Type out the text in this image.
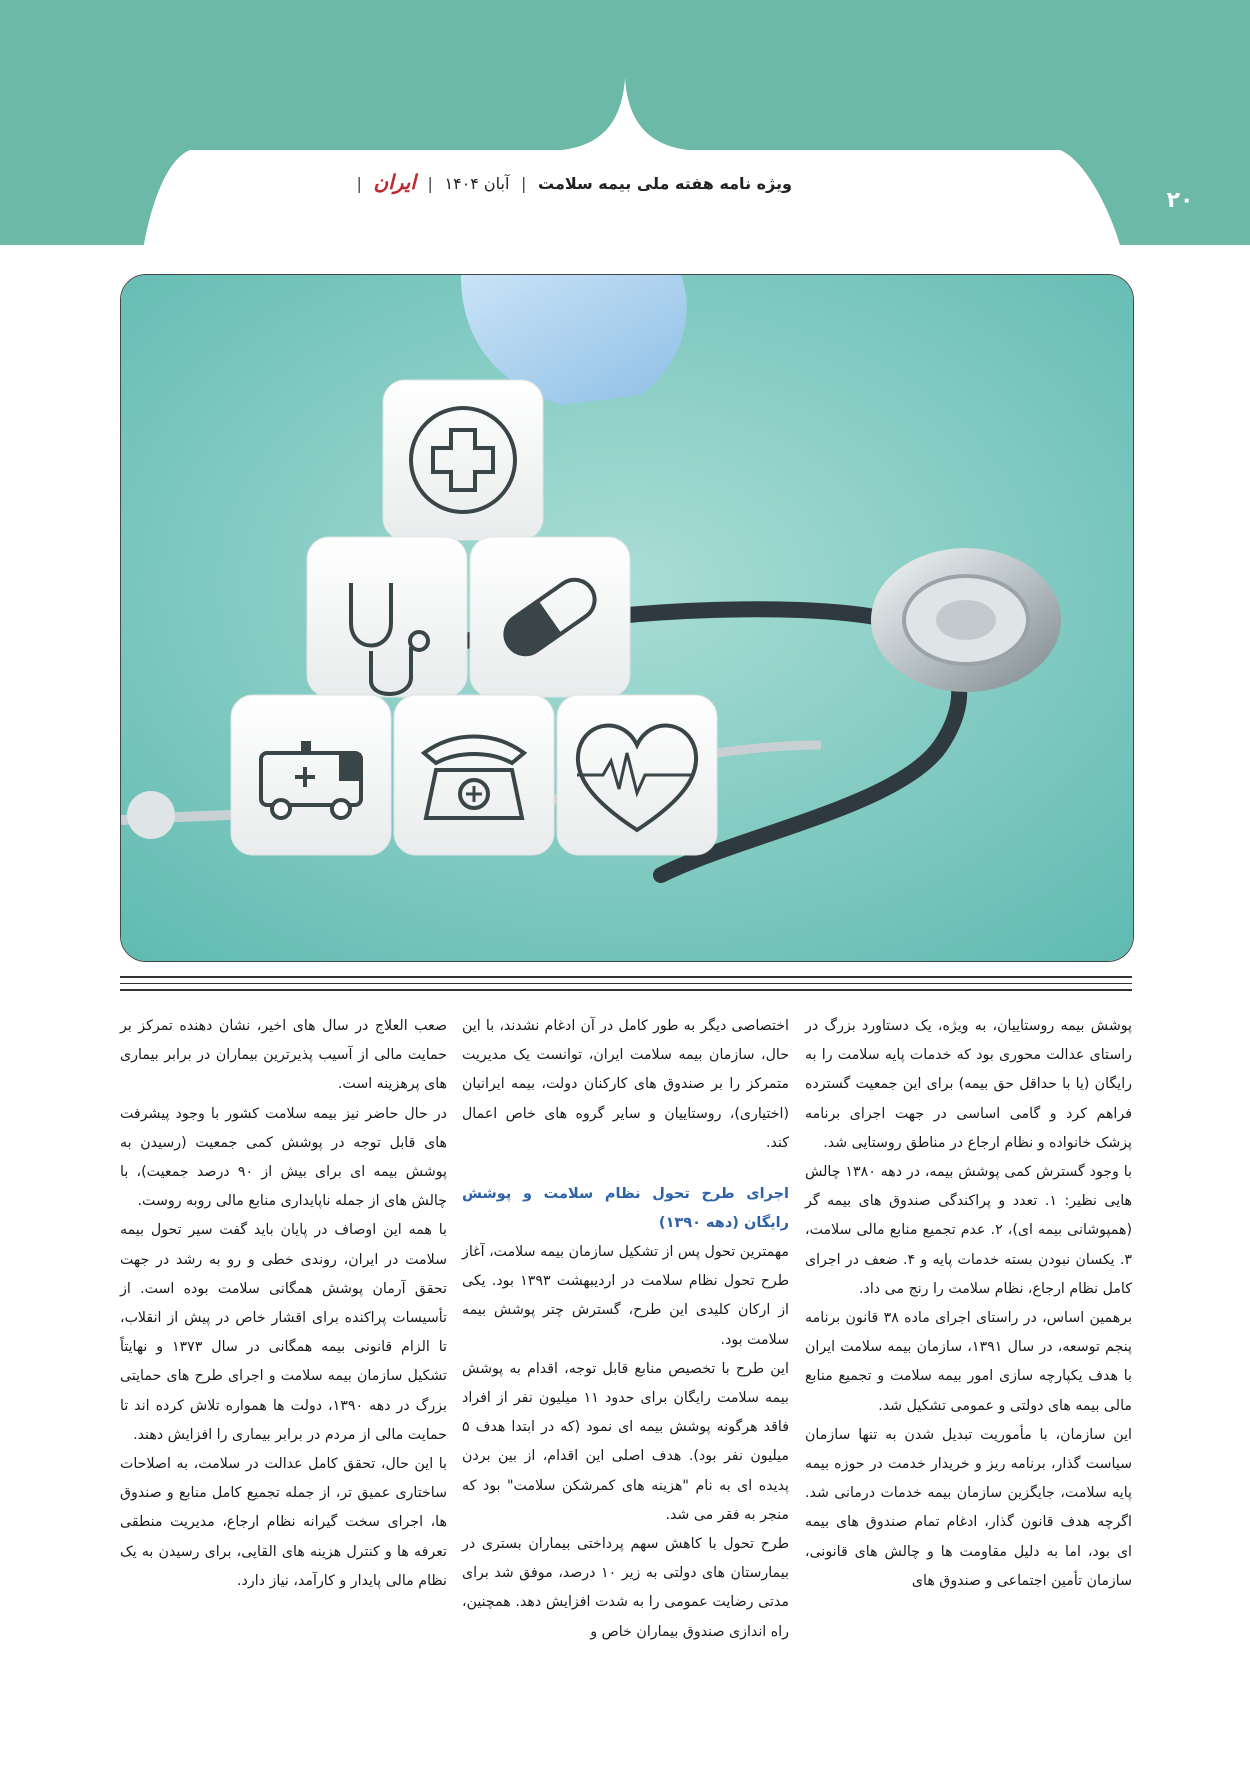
۲۰
ویژه نامه هفته ملی بیمه سلامت | آبان ۱۴۰۴ | ایران |

پوشش بیمه روستاییان، به ویژه، یک دستاورد بزرگ در راستای عدالت محوری بود که خدمات پایه سلامت را به رایگان (یا با حداقل حق بیمه) برای این جمعیت گسترده فراهم کرد و گامی اساسی در جهت اجرای برنامه پزشک خانواده و نظام ارجاع در مناطق روستایی شد.

با وجود گسترش کمی پوشش بیمه، در دهه ۱۳۸۰ چالش هایی نظیر: ۱. تعدد و پراکندگی صندوق های بیمه گر (همپوشانی بیمه ای)، ۲. عدم تجمیع منابع مالی سلامت، ۳. یکسان نبودن بسته خدمات پایه و ۴. ضعف در اجرای کامل نظام ارجاع، نظام سلامت را رنج می داد.

برهمین اساس، در راستای اجرای ماده ۳۸ قانون برنامه پنجم توسعه، در سال ۱۳۹۱، سازمان بیمه سلامت ایران با هدف یکپارچه سازی امور بیمه سلامت و تجمیع منابع مالی بیمه های دولتی و عمومی تشکیل شد.

این سازمان، با مأموریت تبدیل شدن به تنها سازمان سیاست گذار، برنامه ریز و خریدار خدمت در حوزه بیمه پایه سلامت، جایگزین سازمان بیمه خدمات درمانی شد. اگرچه هدف قانون گذار، ادغام تمام صندوق های بیمه ای بود، اما به دلیل مقاومت ها و چالش های قانونی، سازمان تأمین اجتماعی و صندوق های

اختصاصی دیگر به طور کامل در آن ادغام نشدند، با این حال، سازمان بیمه سلامت ایران، توانست یک مدیریت متمرکز را بر صندوق های کارکنان دولت، بیمه ایرانیان (اختیاری)، روستاییان و سایر گروه های خاص اعمال کند.

اجرای طرح تحول نظام سلامت و پوشش رایگان (دهه ۱۳۹۰)

مهمترین تحول پس از تشکیل سازمان بیمه سلامت، آغاز طرح تحول نظام سلامت در اردیبهشت ۱۳۹۳ بود. یکی از ارکان کلیدی این طرح، گسترش چتر پوشش بیمه سلامت بود.

این طرح با تخصیص منابع قابل توجه، اقدام به پوشش بیمه سلامت رایگان برای حدود ۱۱ میلیون نفر از افراد فاقد هرگونه پوشش بیمه ای نمود (که در ابتدا هدف ۵ میلیون نفر بود). هدف اصلی این اقدام، از بین بردن پدیده ای به نام "هزینه های کمرشکن سلامت" بود که منجر به فقر می شد.

طرح تحول با کاهش سهم پرداختی بیماران بستری در بیمارستان های دولتی به زیر ۱۰ درصد، موفق شد برای مدتی رضایت عمومی را به شدت افزایش دهد. همچنین، راه اندازی صندوق بیماران خاص و

صعب العلاج در سال های اخیر، نشان دهنده تمرکز بر حمایت مالی از آسیب پذیرترین بیماران در برابر بیماری های پرهزینه است.

در حال حاضر نیز بیمه سلامت کشور با وجود پیشرفت های قابل توجه در پوشش کمی جمعیت (رسیدن به پوشش بیمه ای برای بیش از ۹۰ درصد جمعیت)، با چالش های از جمله ناپایداری منابع مالی روبه روست.

با همه این اوصاف در پایان باید گفت سیر تحول بیمه سلامت در ایران، روندی خطی و رو به رشد در جهت تحقق آرمان پوشش همگانی سلامت بوده است. از تأسیسات پراکنده برای اقشار خاص در پیش از انقلاب، تا الزام قانونی بیمه همگانی در سال ۱۳۷۳ و نهایتاً تشکیل سازمان بیمه سلامت و اجرای طرح های حمایتی بزرگ در دهه ۱۳۹۰، دولت ها همواره تلاش کرده اند تا حمایت مالی از مردم در برابر بیماری را افزایش دهند.

با این حال، تحقق کامل عدالت در سلامت، به اصلاحات ساختاری عمیق تر، از جمله تجمیع کامل منابع و صندوق ها، اجرای سخت گیرانه نظام ارجاع، مدیریت منطقی تعرفه ها و کنترل هزینه های القایی، برای رسیدن به یک نظام مالی پایدار و کارآمد، نیاز دارد.
